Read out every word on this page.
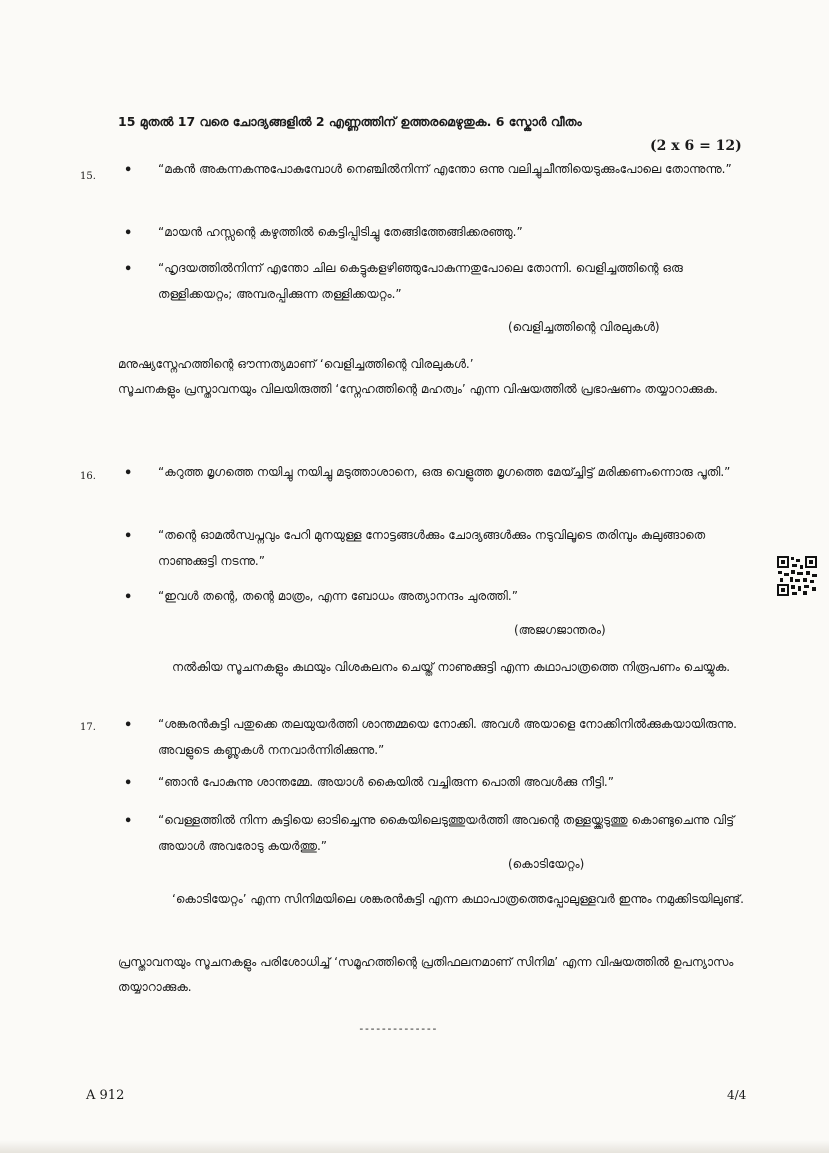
15 മുതൽ 17 വരെ ചോദ്യങ്ങളിൽ 2 എണ്ണത്തിന് ഉത്തരമെഴുതുക. 6 സ്കോർ വീതം
(2 x 6 = 12)
15. • “മകൻ അകന്നകന്നുപോകുമ്പോൾ നെഞ്ചിൽനിന്ന് എന്തോ ഒന്നു വലിച്ചുചീന്തിയെടുക്കുംപോലെ തോന്നുന്നു.”
• “മായൻ ഹസ്സന്റെ കഴുത്തിൽ കെട്ടിപ്പിടിച്ചു തേങ്ങിത്തേങ്ങിക്കരഞ്ഞു.”
• “ഹൃദയത്തിൽനിന്ന് എന്തോ ചില കെട്ടുകളഴിഞ്ഞുപോകുന്നതുപോലെ തോന്നി. വെളിച്ചത്തിന്റെ ഒരു തള്ളിക്കയറ്റം; അമ്പരപ്പിക്കുന്ന തള്ളിക്കയറ്റം.”
(വെളിച്ചത്തിന്റെ വിരലുകൾ)
മനുഷ്യസ്നേഹത്തിന്റെ ഔന്നത്യമാണ് ‘വെളിച്ചത്തിന്റെ വിരലുകൾ.’
സൂചനകളും പ്രസ്താവനയും വിലയിരുത്തി ‘സ്നേഹത്തിന്റെ മഹത്വം’ എന്ന വിഷയത്തിൽ പ്രഭാഷണം തയ്യാറാക്കുക.
16. • “കറുത്ത മൃഗത്തെ നയിച്ചു നയിച്ചു മടുത്താശാനെ, ഒരു വെളുത്ത മൃഗത്തെ മേയ്ച്ചിട്ട് മരിക്കണംന്നൊരു പൂതി.”
• “തന്റെ ഓമൽസ്വപ്നവും പേറി മുനയുള്ള നോട്ടങ്ങൾക്കും ചോദ്യങ്ങൾക്കും നടുവിലൂടെ തരിമ്പും കുലുങ്ങാതെ നാണുക്കുട്ടി നടന്നു.”
• “ഇവൾ തന്റെ, തന്റെ മാത്രം, എന്ന ബോധം അത്യാനന്ദം ചുരത്തി.”
(അജഗജാന്തരം)
നൽകിയ സൂചനകളും കഥയും വിശകലനം ചെയ്ത് നാണുക്കുട്ടി എന്ന കഥാപാത്രത്തെ നിരൂപണം ചെയ്യുക.
17. • “ശങ്കരൻകുട്ടി പതുക്കെ തലയുയർത്തി ശാന്തമ്മയെ നോക്കി. അവൾ അയാളെ നോക്കിനിൽക്കുകയായിരുന്നു. അവളുടെ കണ്ണുകൾ നനവാർന്നിരിക്കുന്നു.”
• “ഞാൻ പോകുന്നു ശാന്തമ്മേ. അയാൾ കൈയിൽ വച്ചിരുന്ന പൊതി അവൾക്കു നീട്ടി.”
• “വെള്ളത്തിൽ നിന്ന കുട്ടിയെ ഓടിച്ചെന്നു കൈയിലെടുത്തുയർത്തി അവന്റെ തള്ളയ്ക്കടുത്തു കൊണ്ടുചെന്നു വിട്ട് അയാൾ അവരോടു കയർത്തു.”
(കൊടിയേറ്റം)
‘കൊടിയേറ്റം’ എന്ന സിനിമയിലെ ശങ്കരൻകുട്ടി എന്ന കഥാപാത്രത്തെപ്പോലുള്ളവർ ഇന്നും നമുക്കിടയിലുണ്ട്.
പ്രസ്താവനയും സൂചനകളും പരിശോധിച്ച് ‘സമൂഹത്തിന്റെ പ്രതിഫലനമാണ് സിനിമ’ എന്ന വിഷയത്തിൽ ഉപന്യാസം തയ്യാറാക്കുക.
--------------
A 912	4/4
